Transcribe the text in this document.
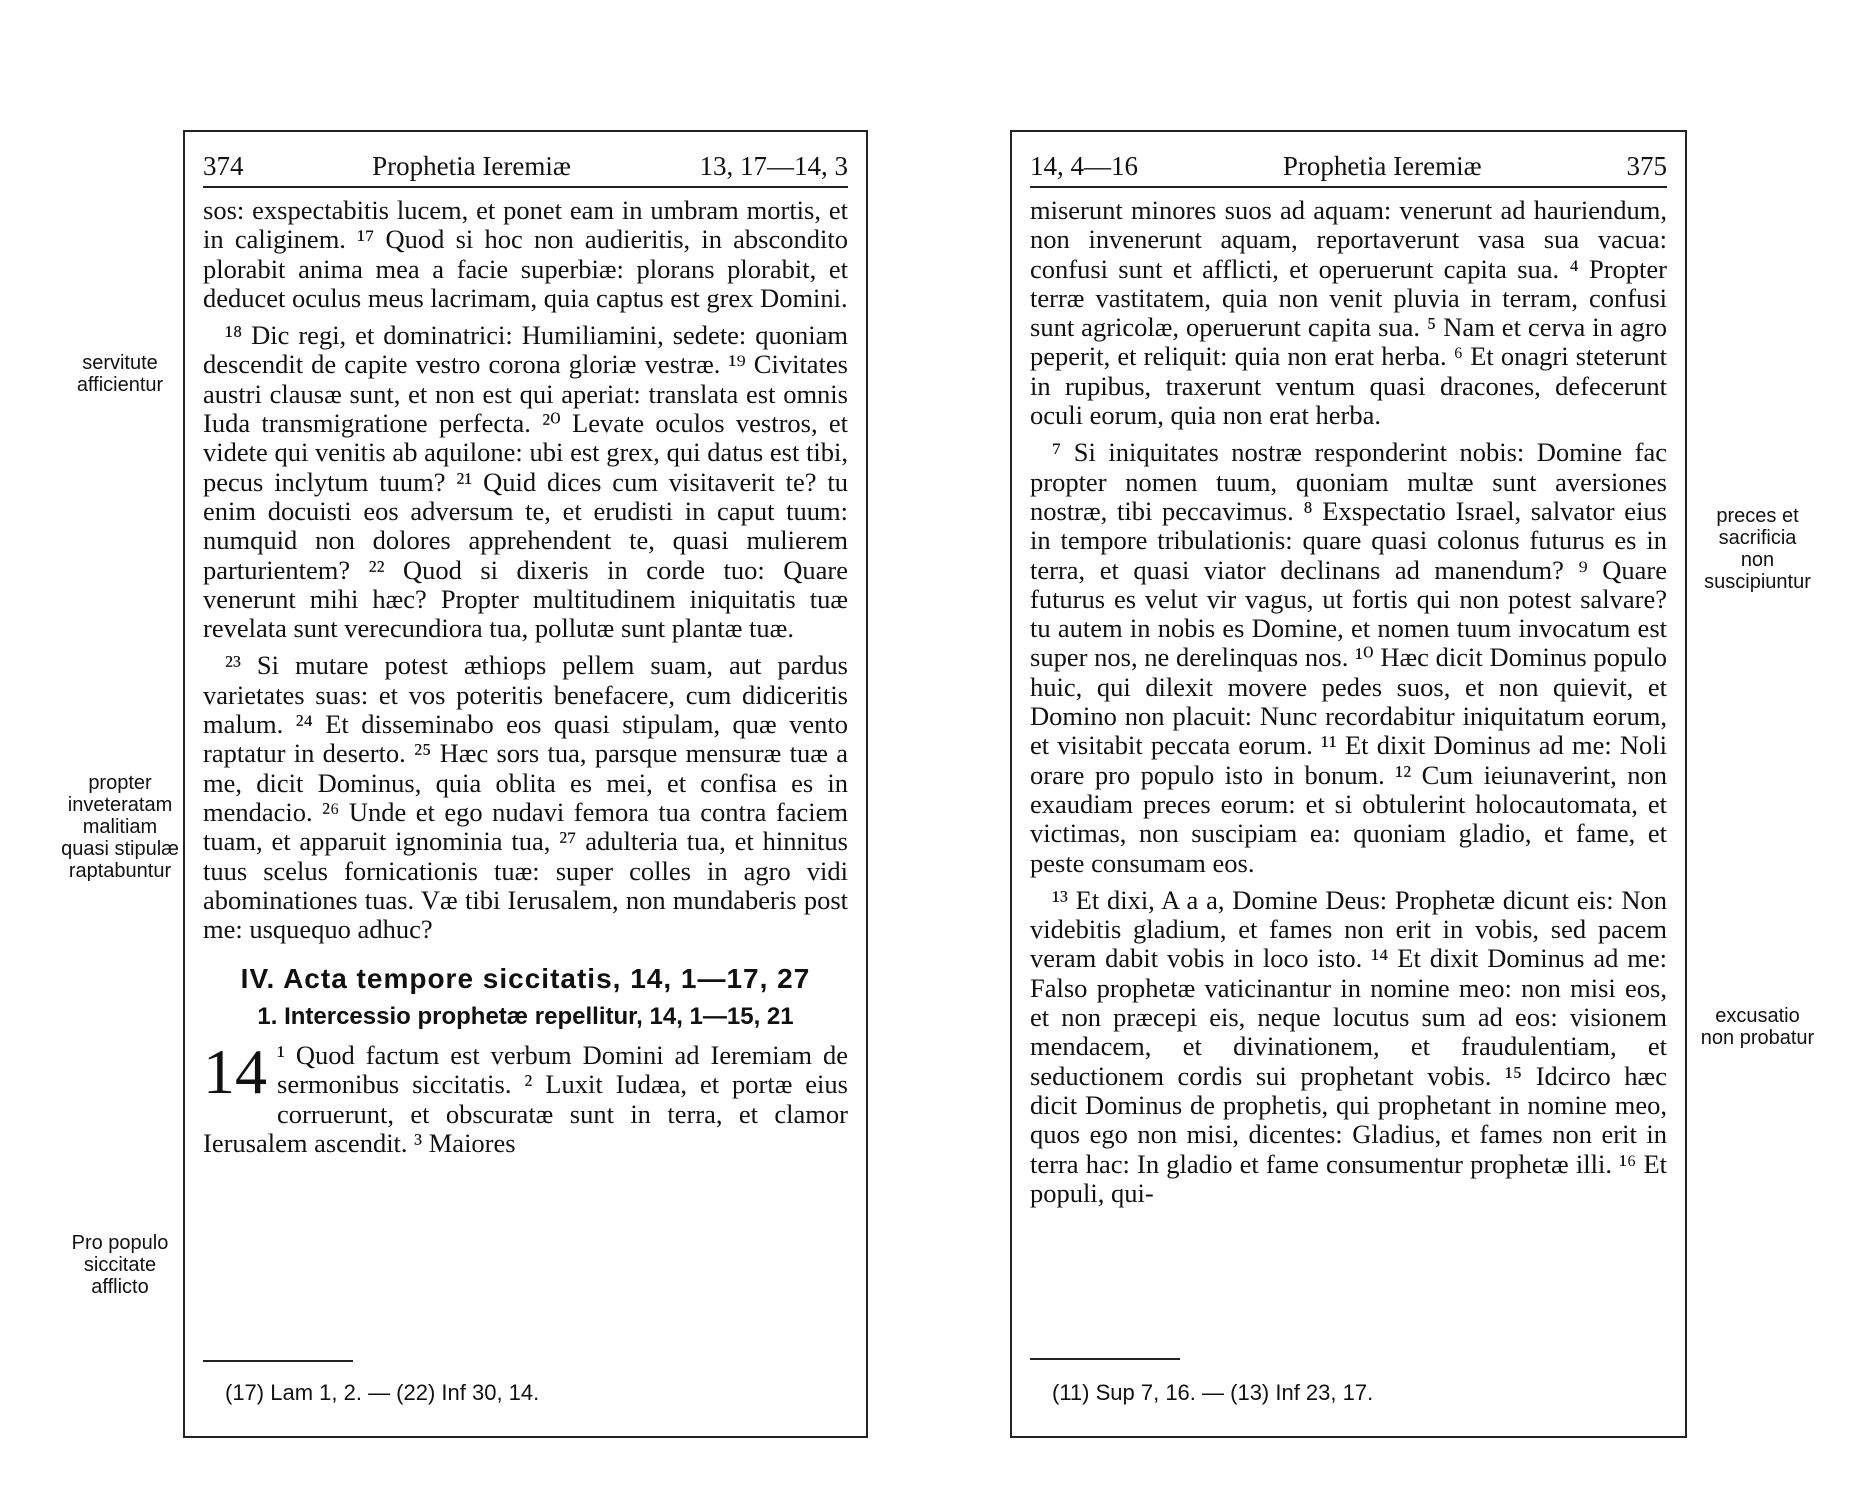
374	Prophetia Ieremiæ	13, 17—14, 3

sos: exspectabitis lucem, et ponet eam in umbram mortis, et in caliginem. ¹⁷ Quod si hoc non audieritis, in abscondito plorabit anima mea a facie superbiæ: plorans plorabit, et deducet oculus meus lacrimam, quia captus est grex Domini.

¹⁸ Dic regi, et dominatrici: Humiliamini, sedete: quoniam descendit de capite vestro corona gloriæ vestræ. ¹⁹ Civitates austri clausæ sunt, et non est qui aperiat: translata est omnis Iuda transmigratione perfecta. ²⁰ Levate oculos vestros, et videte qui venitis ab aquilone: ubi est grex, qui datus est tibi, pecus inclytum tuum? ²¹ Quid dices cum visitaverit te? tu enim docuisti eos adversum te, et erudisti in caput tuum: numquid non dolores apprehendent te, quasi mulierem parturientem? ²² Quod si dixeris in corde tuo: Quare venerunt mihi hæc? Propter multitudinem iniquitatis tuæ revelata sunt verecundiora tua, pollutæ sunt plantæ tuæ.

²³ Si mutare potest æthiops pellem suam, aut pardus varietates suas: et vos poteritis benefacere, cum didiceritis malum. ²⁴ Et disseminabo eos quasi stipulam, quæ vento raptatur in deserto. ²⁵ Hæc sors tua, parsque mensuræ tuæ a me, dicit Dominus, quia oblita es mei, et confisa es in mendacio. ²⁶ Unde et ego nudavi femora tua contra faciem tuam, et apparuit ignominia tua, ²⁷ adulteria tua, et hinnitus tuus scelus fornicationis tuæ: super colles in agro vidi abominationes tuas. Væ tibi Ierusalem, non mundaberis post me: usquequo adhuc?

IV. Acta tempore siccitatis, 14, 1—17, 27
1. Intercessio prophetæ repellitur, 14, 1—15, 21

14 ¹ Quod factum est verbum Domini ad Ieremiam de sermonibus siccitatis. ² Luxit Iudæa, et portæ eius corruerunt, et obscuratæ sunt in terra, et clamor Ierusalem ascendit. ³ Maiores

(17) Lam 1, 2. — (22) Inf 30, 14.
servitute afficientur
propter inveteratam malitiam quasi stipulæ raptabuntur
Pro populo siccitate afflicto
14, 4—16	Prophetia Ieremiæ	375

miserunt minores suos ad aquam: venerunt ad hauriendum, non invenerunt aquam, reportaverunt vasa sua vacua: confusi sunt et afflicti, et operuerunt capita sua. ⁴ Propter terræ vastitatem, quia non venit pluvia in terram, confusi sunt agricolæ, operuerunt capita sua. ⁵ Nam et cerva in agro peperit, et reliquit: quia non erat herba. ⁶ Et onagri steterunt in rupibus, traxerunt ventum quasi dracones, defecerunt oculi eorum, quia non erat herba.

⁷ Si iniquitates nostræ responderint nobis: Domine fac propter nomen tuum, quoniam multæ sunt aversiones nostræ, tibi peccavimus. ⁸ Exspectatio Israel, salvator eius in tempore tribulationis: quare quasi colonus futurus es in terra, et quasi viator declinans ad manendum? ⁹ Quare futurus es velut vir vagus, ut fortis qui non potest salvare? tu autem in nobis es Domine, et nomen tuum invocatum est super nos, ne derelinquas nos. ¹⁰ Hæc dicit Dominus populo huic, qui dilexit movere pedes suos, et non quievit, et Domino non placuit: Nunc recordabitur iniquitatum eorum, et visitabit peccata eorum. ¹¹ Et dixit Dominus ad me: Noli orare pro populo isto in bonum. ¹² Cum ieiunaverint, non exaudiam preces eorum: et si obtulerint holocautomata, et victimas, non suscipiam ea: quoniam gladio, et fame, et peste consumam eos.

¹³ Et dixi, A a a, Domine Deus: Prophetæ dicunt eis: Non videbitis gladium, et fames non erit in vobis, sed pacem veram dabit vobis in loco isto. ¹⁴ Et dixit Dominus ad me: Falso prophetæ vaticinantur in nomine meo: non misi eos, et non præcepi eis, neque locutus sum ad eos: visionem mendacem, et divinationem, et fraudulentiam, et seductionem cordis sui prophetant vobis. ¹⁵ Idcirco hæc dicit Dominus de prophetis, qui prophetant in nomine meo, quos ego non misi, dicentes: Gladius, et fames non erit in terra hac: In gladio et fame consumentur prophetæ illi. ¹⁶ Et populi, qui-

(11) Sup 7, 16. — (13) Inf 23, 17.
preces et sacrificia non suscipiuntur
excusatio non probatur
